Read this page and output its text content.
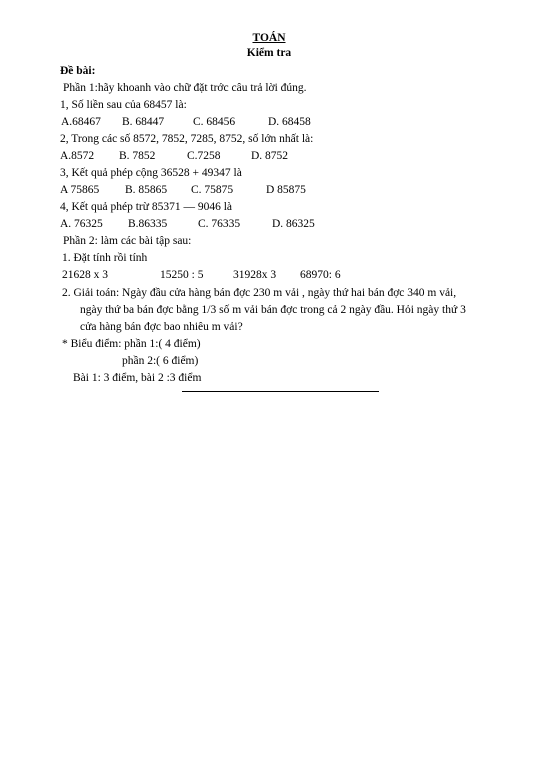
TOÁN
Kiểm tra
Đề bài:
Phần 1:hãy khoanh vào chữ đặt trớc câu trả lời đúng.
1, Số liền sau của 68457 là:
A.68467 B. 68447	C. 68456	D. 68458
2, Trong các số 8572, 7852, 7285, 8752, số lớn nhất là:
A.8572 B. 7852	C.7258	D. 8752
3, Kết quả phép cộng 36528 + 49347 là
A 75865 B. 85865 C. 75875	D 85875
4, Kết quả phép trừ 85371 — 9046 là
A. 76325 B.86335	C. 76335	D. 86325
Phần 2: làm các bài tập sau:
1. Đặt tính rồi tính
21628 x 3	15250 : 5	31928x 3 68970: 6
2. Giải toán: Ngày đầu cửa hàng bán đợc 230 m vải , ngày thứ hai bán đợc 340 m vải,
ngày thứ ba bán đợc bằng 1/3 số m vải bán đợc trong cả 2 ngày đầu. Hỏi ngày thứ 3
cửa hàng bán đợc bao nhiêu m vải?
* Biểu điểm: phần 1:( 4 điểm)
phần 2:( 6 điểm)
Bài 1: 3 điểm, bài 2 :3 điểm
